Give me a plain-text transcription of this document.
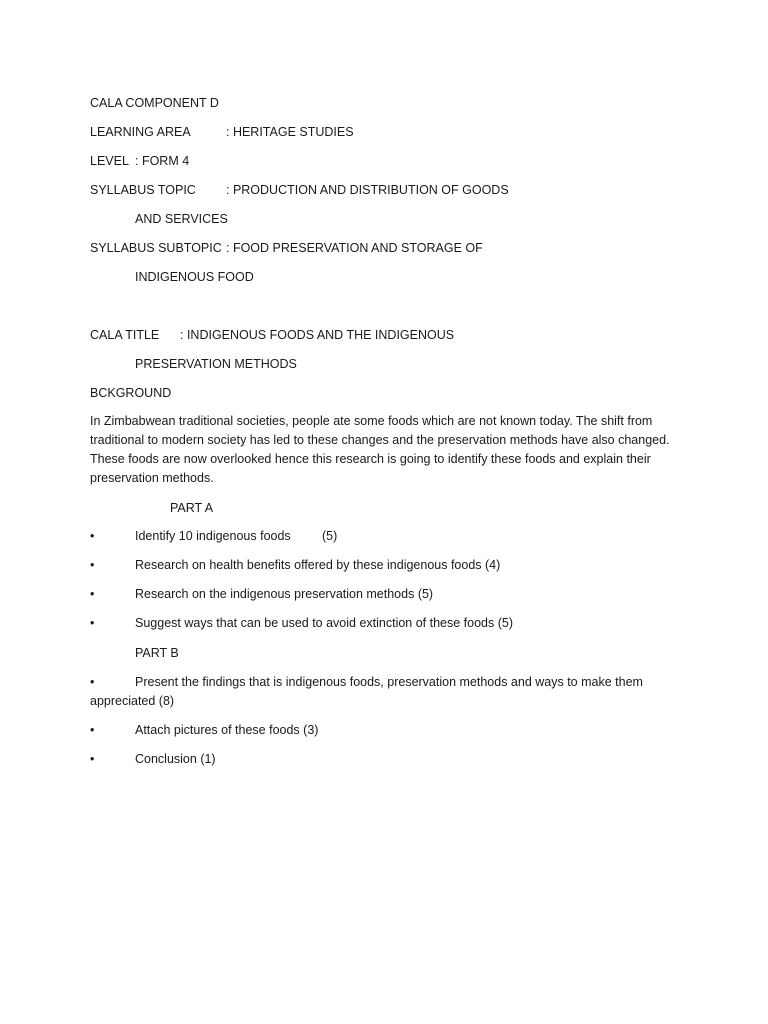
CALA COMPONENT D
LEARNING AREA	: HERITAGE STUDIES
LEVEL : FORM 4
SYLLABUS TOPIC : PRODUCTION AND DISTRIBUTION OF GOODS
AND SERVICES
SYLLABUS SUBTOPIC : FOOD PRESERVATION AND STORAGE OF
INDIGENOUS FOOD
CALA TITLE : INDIGENOUS FOODS AND THE INDIGENOUS
PRESERVATION METHODS
BCKGROUND
In Zimbabwean traditional societies, people ate some foods which are not known today. The shift from traditional to modern society has led to these changes and the preservation methods have also changed. These foods are now overlooked hence this research is going to identify these foods and explain their preservation methods.
PART A
•	Identify 10 indigenous foods	(5)
•	Research on health benefits offered by these indigenous foods (4)
•	Research on the indigenous preservation methods (5)
•	Suggest ways that can be used to avoid extinction of these foods (5)
PART B
•	Present the findings that is indigenous foods, preservation methods and ways to make them appreciated (8)
•	Attach pictures of these foods (3)
•	Conclusion (1)
